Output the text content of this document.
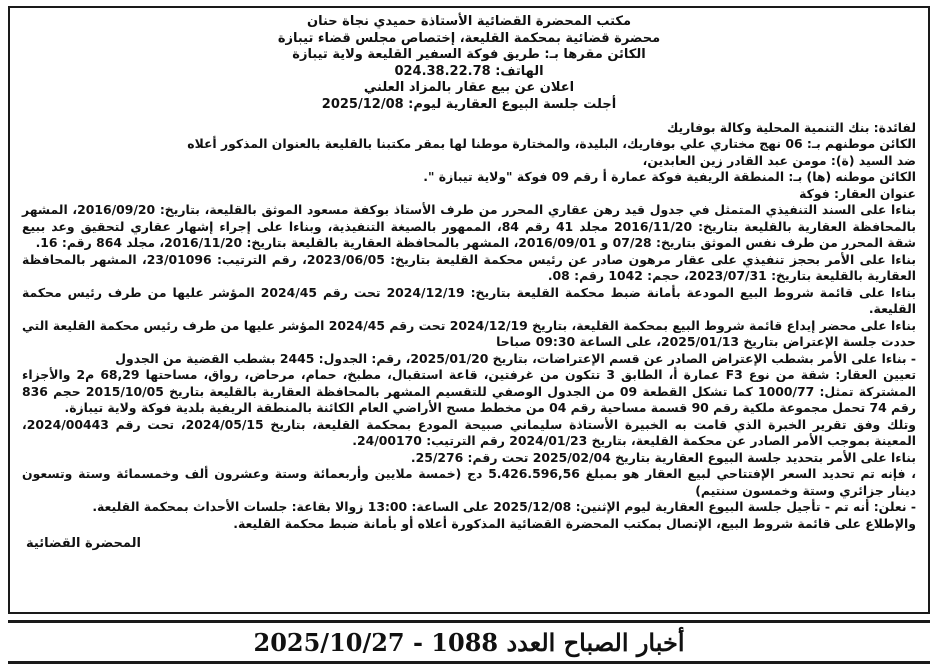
مكتب المحضرة القضائية الأستاذة حميدي نجاة حنان
محضرة قضائية بمحكمة القليعة، إختصاص مجلس قضاء تيبازة
الكائن مقرها بـ: طريق فوكة السفير القليعة ولاية تيبازة
الهاتف: 024.38.22.78
اعلان عن بيع عقار بالمزاد العلني
أجلت جلسة البيوع العقارية ليوم: 2025/12/08
لفائدة: بنك التنمية المحلية وكالة بوفاريك
الكائن موطنهم بـ: 06 نهج مختاري علي بوفاريك، البليدة، والمختارة موطنا لها بمقر مكتبنا بالقليعة بالعنوان المذكور أعلاه
ضد السيد (ة): مومن عبد القادر زين العابدين،
الكائن موطنه (ها) بـ: المنطقة الريفية فوكة عمارة أ رقم 09 فوكة "ولاية تيبازة ".
عنوان العقار: فوكة
بناءا على السند التنفيذي المتمثل في جدول قيد رهن عقاري المحرر من طرف الأستاذ بوكفة مسعود الموثق بالقليعة، بتاريخ: 2016/09/20، المشهر بالمحافظة العقارية بالقليعة بتاريخ: 2016/11/20 مجلد 41 رقم 84، الممهور بالصيغة التنفيذية، وبناءا على إجراء إشهار عقاري لتحقيق وعد ببيع شقة المحرر من طرف نفس الموثق بتاريخ: 07/28 و 2016/09/01، المشهر بالمحافظة العقارية بالقليعة بتاريخ: 2016/11/20، مجلد 864 رقم: 16.
بناءا على الأمر بحجز تنفيذي على عقار مرهون صادر عن رئيس محكمة القليعة بتاريخ: 2023/06/05، رقم الترتيب: 23/01096، المشهر بالمحافظة العقارية بالقليعة بتاريخ: 2023/07/31، حجم: 1042 رقم: 08.
بناءا على قائمة شروط البيع المودعة بأمانة ضبط محكمة القليعة بتاريخ: 2024/12/19 تحت رقم 2024/45 المؤشر عليها من طرف رئيس محكمة القليعة.
بناءا على محضر إيداع قائمة شروط البيع بمحكمة القليعة، بتاريخ 2024/12/19 تحت رقم 2024/45 المؤشر عليها من طرف رئيس محكمة القليعة التي حددت جلسة الإعتراض بتاريخ 2025/01/13، على الساعة 09:30 صباحا
- بناءا على الأمر بشطب الإعتراض الصادر عن قسم الإعتراضات، بتاريخ 2025/01/20، رقم: الجدول: 2445 بشطب القضية من الجدول
تعيين العقار: شقة من نوع F3 عمارة أ، الطابق 3 تتكون من غرفتين، قاعة استقبال، مطبخ، حمام، مرحاض، رواق، مساحتها 68,29 م2 والأجزاء المشتركة تمثل: 1000/77 كما تشكل القطعة 09 من الجدول الوصفي للتقسيم المشهر بالمحافظة العقارية بالقليعة بتاريخ 2015/10/05 حجم 836 رقم 74 تحمل مجموعة ملكية رقم 90 قسمة مساحية رقم 04 من مخطط مسح الأراضي العام الكائنة بالمنطقة الريفية بلدية فوكة ولاية تيبازة.
وتلك وفق تقرير الخبرة الذي قامت به الخبيرة الأستاذة سليماني صبيحة المودع بمحكمة القليعة، بتاريخ 2024/05/15، تحت رقم 2024/00443، المعينة بموجب الأمر الصادر عن محكمة القليعة، بتاريخ 2024/01/23 رقم الترتيب: 24/00170.
بناءا على الأمر بتحديد جلسة البيوع العقارية بتاريخ 2025/02/04 تحت رقم: 25/276.
، فإنه تم تحديد السعر الإفتتاحي لبيع العقار هو بمبلغ 5.426.596,56 دج (خمسة ملايين وأربعمائة وستة وعشرون ألف وخمسمائة وستة وتسعون دينار جزائري وستة وخمسون سنتيم)
- نعلن: أنه تم - تأجيل جلسة البيوع العقارية ليوم الإثنين: 2025/12/08 على الساعة: 13:00 زوالا بقاعة: جلسات الأحداث بمحكمة القليعة.
والإطلاع على قائمة شروط البيع، الإتصال بمكتب المحضرة القضائية المذكورة أعلاه أو بأمانة ضبط محكمة القليعة.
المحضرة القضائية
أخبار الصباح العدد 1088 - 2025/10/27
